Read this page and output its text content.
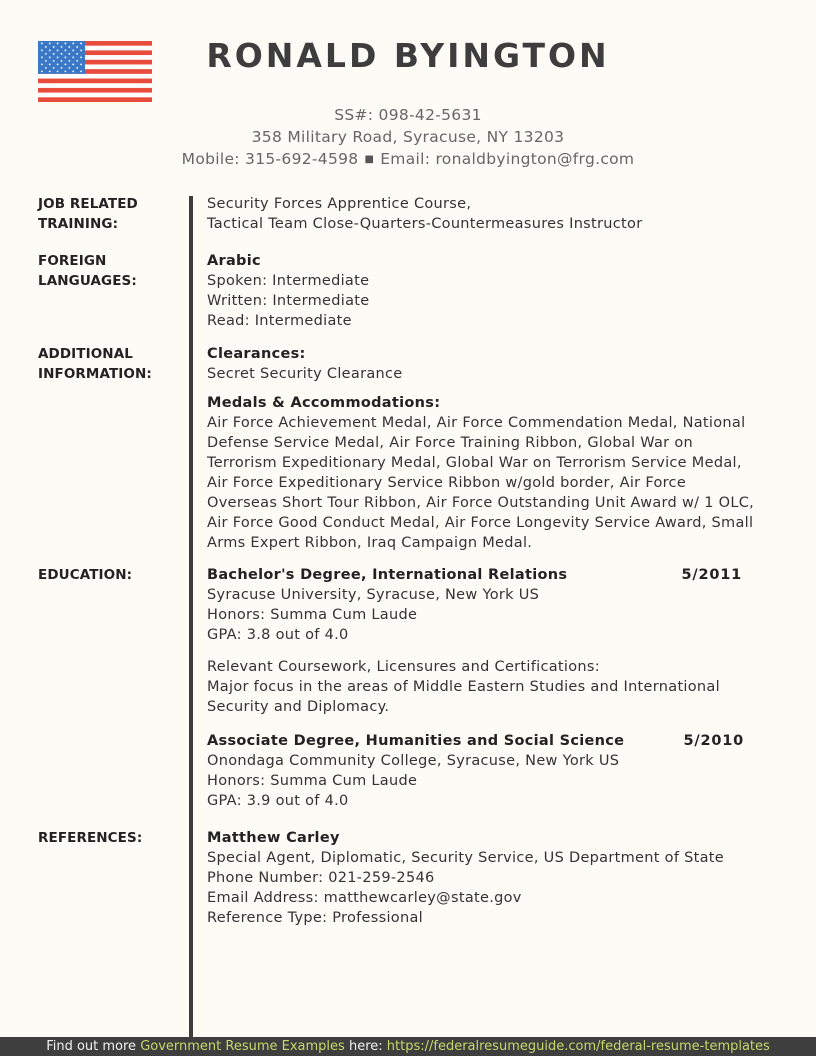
RONALD BYINGTON
SS#: 098-42-5631
358 Military Road, Syracuse, NY 13203
Mobile: 315-692-4598 ■ Email: ronaldbyington@frg.com
JOB RELATED
TRAINING:
Security Forces Apprentice Course,
Tactical Team Close-Quarters-Countermeasures Instructor
FOREIGN
LANGUAGES:
Arabic
Spoken: Intermediate
Written: Intermediate
Read: Intermediate
ADDITIONAL
INFORMATION:
Clearances:
Secret Security Clearance
Medals & Accommodations:
Air Force Achievement Medal, Air Force Commendation Medal, National
Defense Service Medal, Air Force Training Ribbon, Global War on
Terrorism Expeditionary Medal, Global War on Terrorism Service Medal,
Air Force Expeditionary Service Ribbon w/gold border, Air Force
Overseas Short Tour Ribbon, Air Force Outstanding Unit Award w/ 1 OLC,
Air Force Good Conduct Medal, Air Force Longevity Service Award, Small
Arms Expert Ribbon, Iraq Campaign Medal.
EDUCATION:	Bachelor's Degree, International Relations	5/2011
Syracuse University, Syracuse, New York US
Honors: Summa Cum Laude
GPA: 3.8 out of 4.0
Relevant Coursework, Licensures and Certifications:
Major focus in the areas of Middle Eastern Studies and International
Security and Diplomacy.
Associate Degree, Humanities and Social Science	5/2010
Onondaga Community College, Syracuse, New York US
Honors: Summa Cum Laude
GPA: 3.9 out of 4.0
REFERENCES:	Matthew Carley
Special Agent, Diplomatic, Security Service, US Department of State
Phone Number: 021-259-2546
Email Address: matthewcarley@state.gov
Reference Type: Professional
Find out more Government Resume Examples here: https://federalresumeguide.com/federal-resume-templates
